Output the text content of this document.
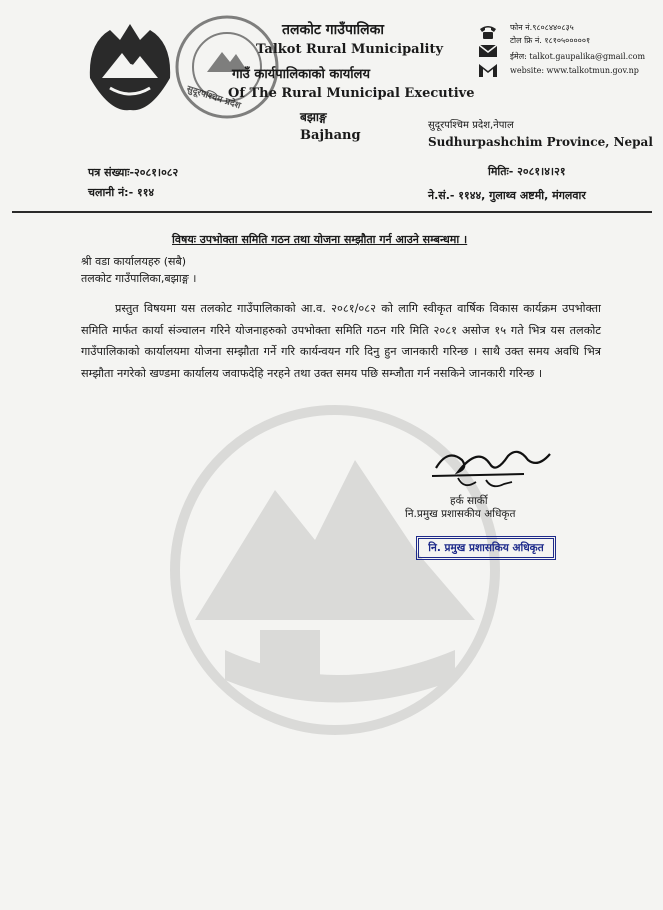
सुदूरपश्चिम प्रदेश
तलकोट गाउँपालिका
Talkot Rural Municipality
गाउँ कार्यपालिकाको कार्यालय
Of The Rural Municipal Executive
बझाङ्ग
Bajhang
फोन नं.९८०८४४०८३५
टोल फ्रि नं. १८१०५०००००१
ईमेल: talkot.gaupalika@gmail.com
website: www.talkotmun.gov.np
सुदूरपश्चिम प्रदेश,नेपाल
Sudhurpashchim Province, Nepal
पत्र संख्याः-२०८१।०८२
चलानी नं:- ११४
मितिः- २०८१।४।२१
ने.सं.- ११४४, गुलाथ्व अष्टमी, मंगलवार
विषयः उपभोक्ता समिति गठन तथा योजना सम्झौता गर्न आउने सम्बन्धमा ।
श्री वडा कार्यालयहरु (सबै)
तलकोट गाउँपालिका,बझाङ्ग ।
प्रस्तुत विषयमा यस तलकोट गाउँपालिकाको आ.व. २०८१/०८२ को लागि स्वीकृत वार्षिक विकास कार्यक्रम उपभोक्ता समिति मार्फत कार्या संञ्चालन गरिने योजनाहरुको उपभोक्ता समिति गठन गरि मिति २०८१ असोज १५ गते भित्र यस तलकोट गाउँपालिकाको कार्यालयमा योजना सम्झौता गर्ने गरि कार्यन्वयन गरि दिनु हुन जानकारी गरिन्छ । साथै उक्त समय अवधि भित्र सम्झौता नगरेको खण्डमा कार्यालय जवाफदेहि नरहने तथा उक्त समय पछि सम्जौता गर्न नसकिने जानकारी गरिन्छ ।
हर्क सार्की
नि.प्रमुख प्रशासकीय अधिकृत
नि. प्रमुख प्रशासकिय अधिकृत
